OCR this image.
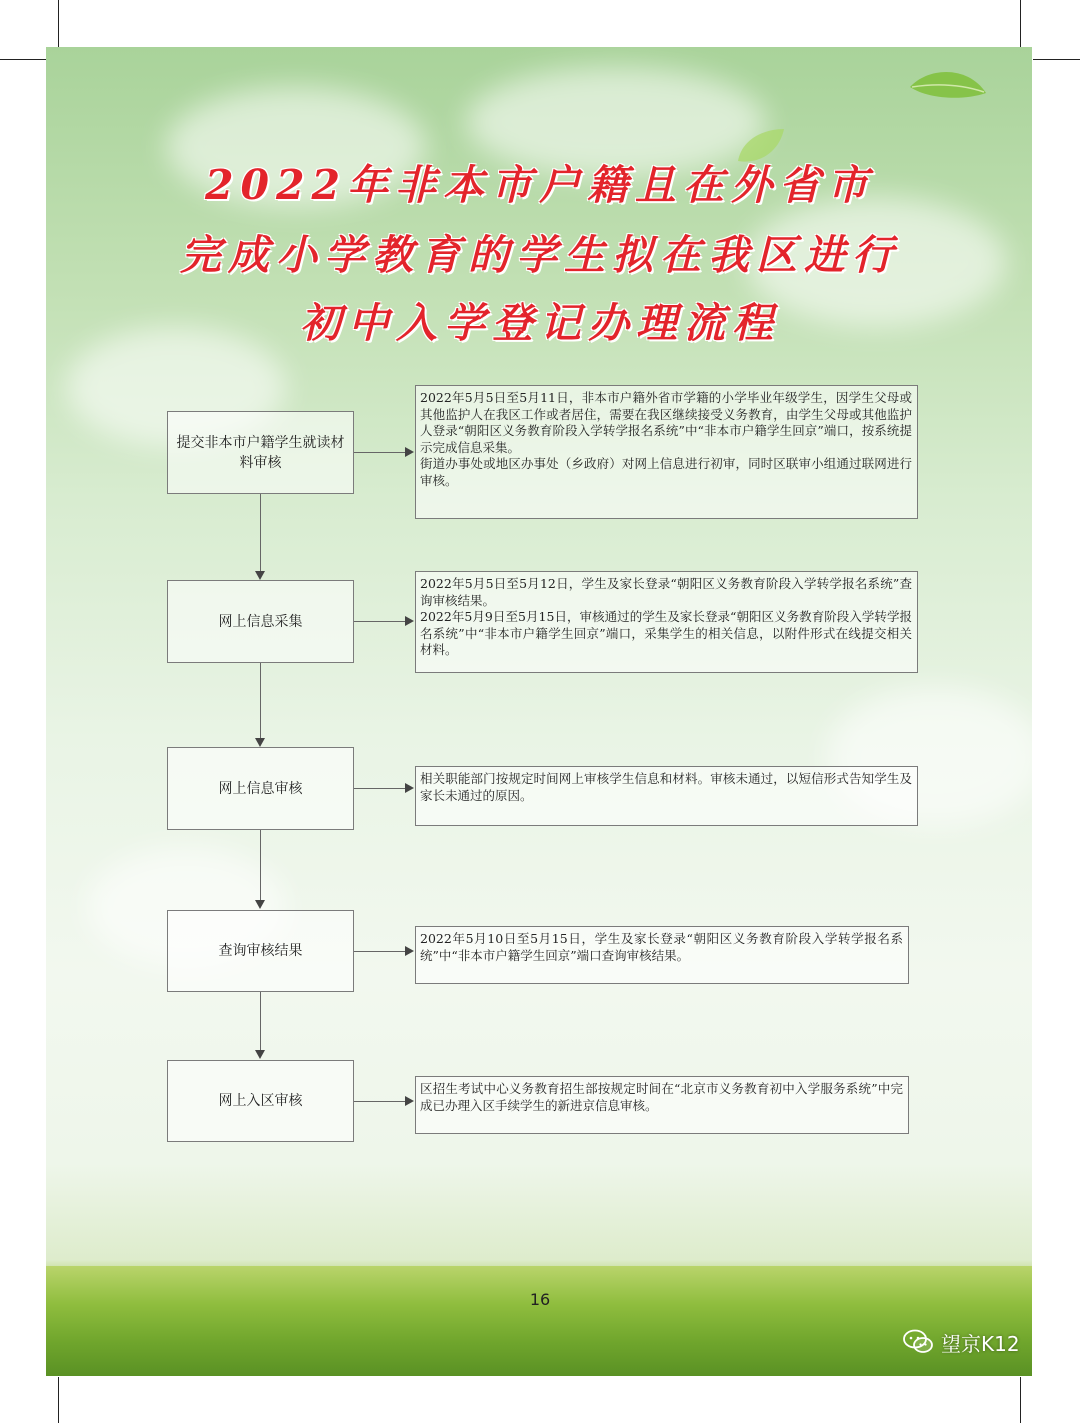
2022年非本市户籍且在外省市
完成小学教育的学生拟在我区进行
初中入学登记办理流程
提交非本市户籍学生就读材料审核

2022年5月5日至5月11日，非本市户籍外省市学籍的小学毕业年级学生，因学生父母或其他监护人在我区工作或者居住，需要在我区继续接受义务教育，由学生父母或其他监护人登录“朝阳区义务教育阶段入学转学报名系统”中“非本市户籍学生回京”端口，按系统提示完成信息采集。

街道办事处或地区办事处（乡政府）对网上信息进行初审，同时区联审小组通过联网进行审核。

网上信息采集

2022年5月5日至5月12日，学生及家长登录“朝阳区义务教育阶段入学转学报名系统”查询审核结果。

2022年5月9日至5月15日，审核通过的学生及家长登录“朝阳区义务教育阶段入学转学报名系统”中“非本市户籍学生回京”端口，采集学生的相关信息，以附件形式在线提交相关材料。

网上信息审核

相关职能部门按规定时间网上审核学生信息和材料。审核未通过，以短信形式告知学生及家长未通过的原因。

查询审核结果

2022年5月10日至5月15日，学生及家长登录“朝阳区义务教育阶段入学转学报名系统”中“非本市户籍学生回京”端口查询审核结果。

网上入区审核

区招生考试中心义务教育招生部按规定时间在“北京市义务教育初中入学服务系统”中完成已办理入区手续学生的新进京信息审核。

16
望京K12
